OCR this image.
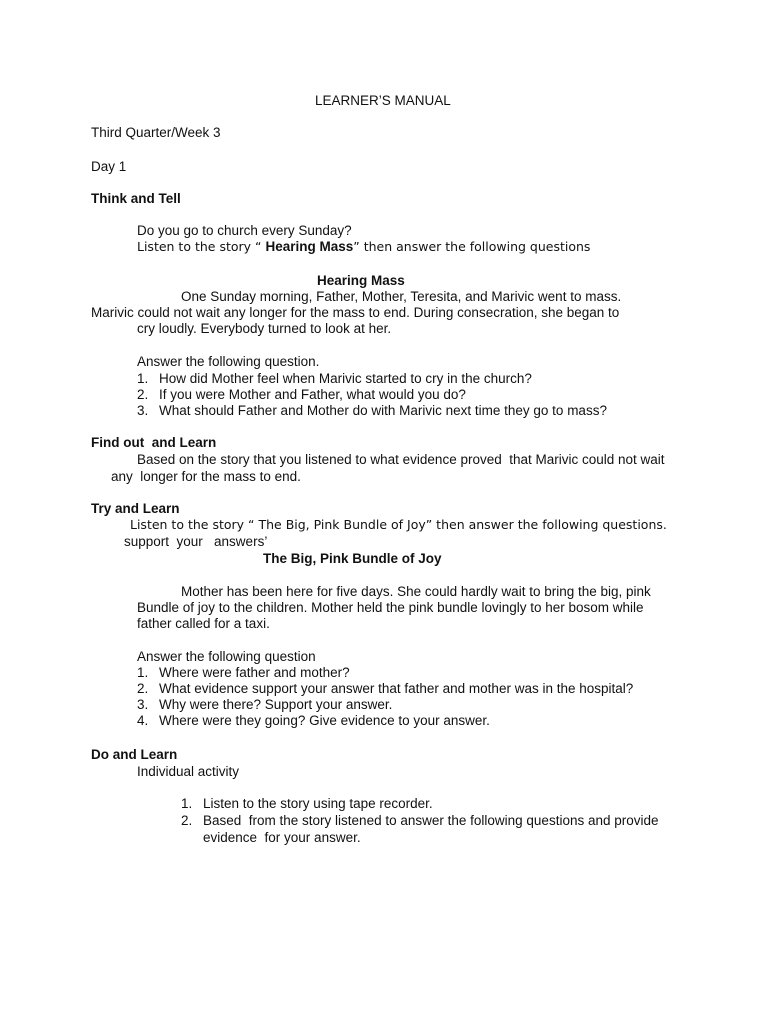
LEARNER’S MANUAL
Third Quarter/Week 3
Day 1
Think and Tell
Do you go to church every Sunday?
Listen to the story “ Hearing Mass” then answer the following questions
Hearing Mass
One Sunday morning, Father, Mother, Teresita, and Marivic went to mass.
Marivic could not wait any longer for the mass to end. During consecration, she began to
cry loudly. Everybody turned to look at her.
Answer the following question.
1. How did Mother feel when Marivic started to cry in the church?
2. If you were Mother and Father, what would you do?
3. What should Father and Mother do with Marivic next time they go to mass?
Find out  and Learn
Based on the story that you listened to what evidence proved  that Marivic could not wait
any  longer for the mass to end.
Try and Learn
Listen to the story “ The Big, Pink Bundle of Joy” then answer the following questions.
support  your   answers’
The Big, Pink Bundle of Joy
Mother has been here for five days. She could hardly wait to bring the big, pink
Bundle of joy to the children. Mother held the pink bundle lovingly to her bosom while
father called for a taxi.
Answer the following question
1. Where were father and mother?
2. What evidence support your answer that father and mother was in the hospital?
3. Why were there? Support your answer.
4. Where were they going? Give evidence to your answer.
Do and Learn
Individual activity
1. Listen to the story using tape recorder.
2. Based  from the story listened to answer the following questions and provide
evidence  for your answer.
